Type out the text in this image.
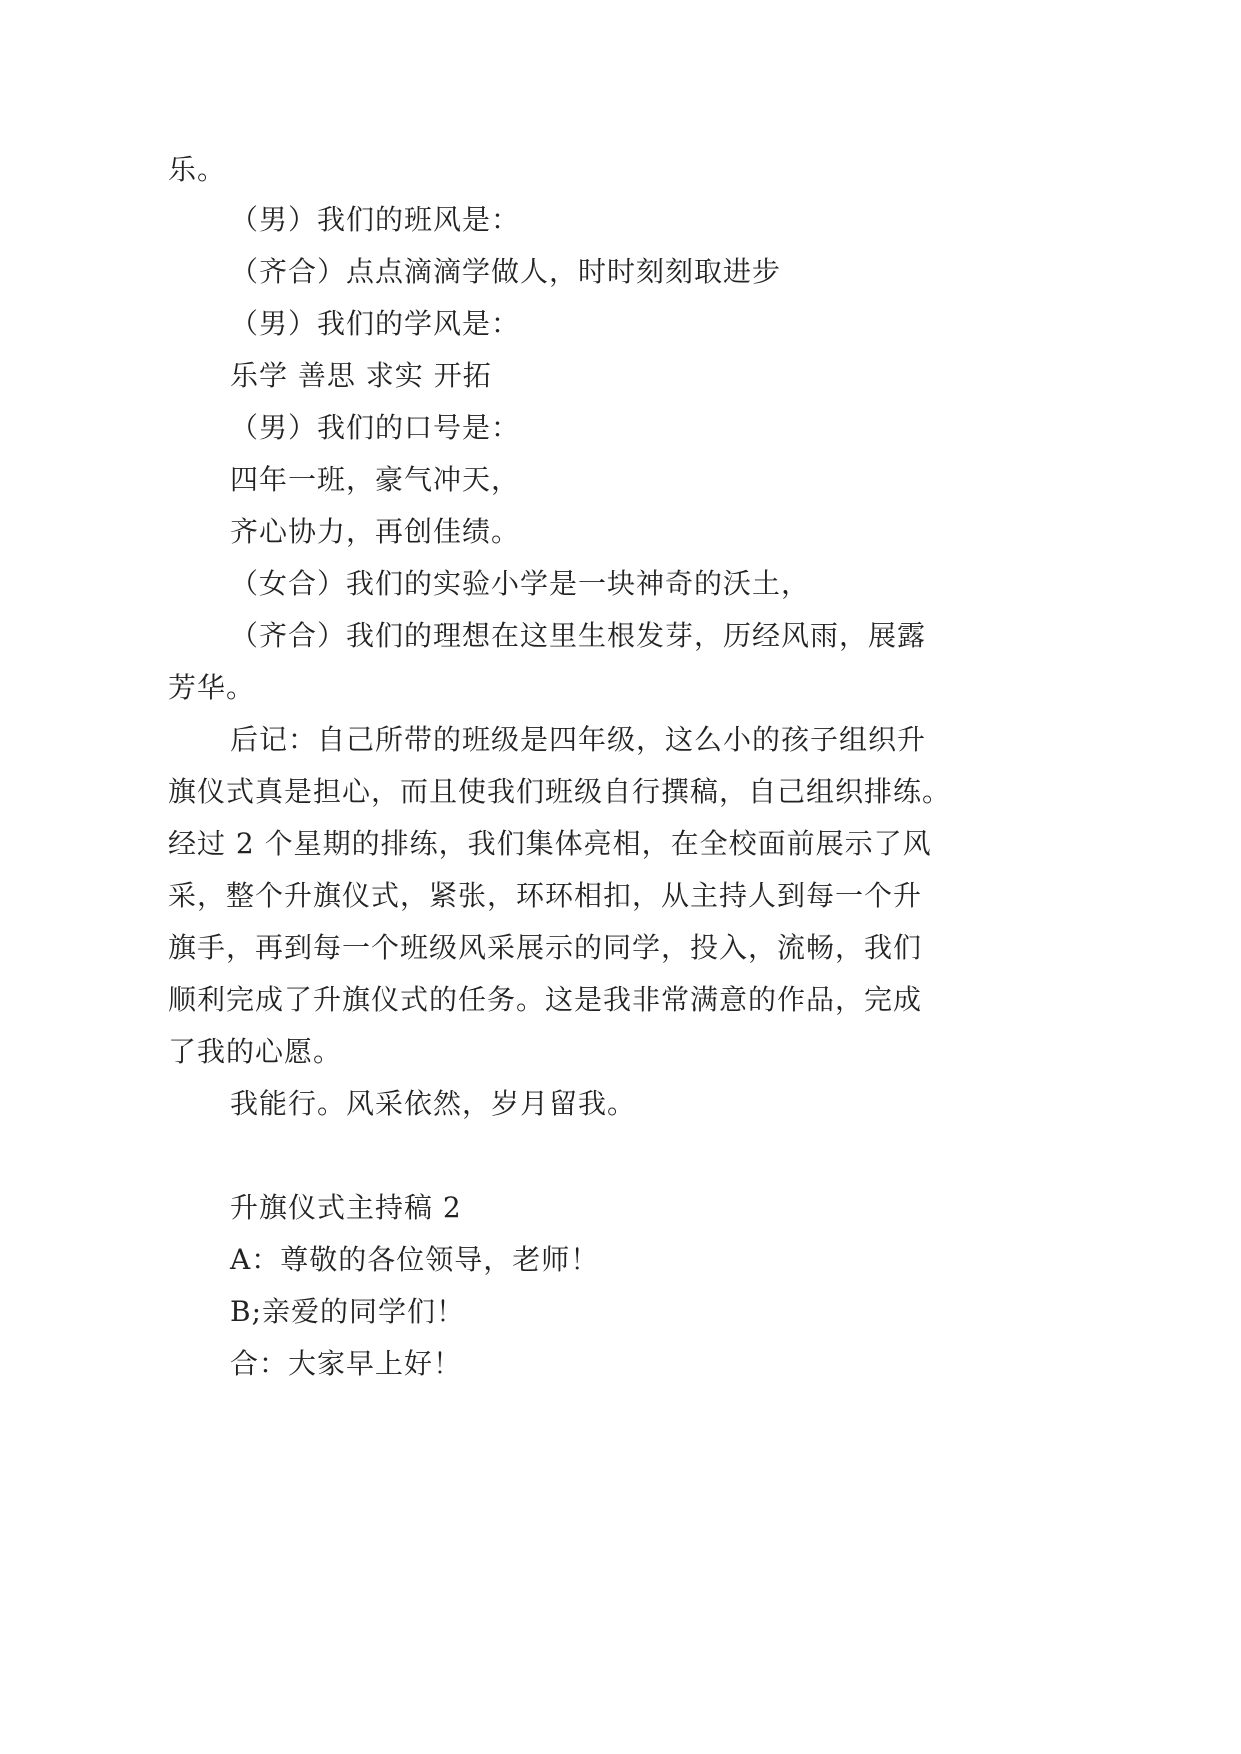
乐。
（男）我们的班风是：
（齐合）点点滴滴学做人，时时刻刻取进步
（男）我们的学风是：
乐学 善思 求实 开拓
（男）我们的口号是：
四年一班，豪气冲天，
齐心协力，再创佳绩。
（女合）我们的实验小学是一块神奇的沃土，
（齐合）我们的理想在这里生根发芽，历经风雨，展露
芳华。
后记：自己所带的班级是四年级，这么小的孩子组织升
旗仪式真是担心，而且使我们班级自行撰稿，自己组织排练。
经过 2 个星期的排练，我们集体亮相，在全校面前展示了风
采，整个升旗仪式，紧张，环环相扣，从主持人到每一个升
旗手，再到每一个班级风采展示的同学，投入，流畅，我们
顺利完成了升旗仪式的任务。这是我非常满意的作品，完成
了我的心愿。
我能行。风采依然，岁月留我。
升旗仪式主持稿 2
A：尊敬的各位领导，老师！
B;亲爱的同学们！
合：大家早上好！
